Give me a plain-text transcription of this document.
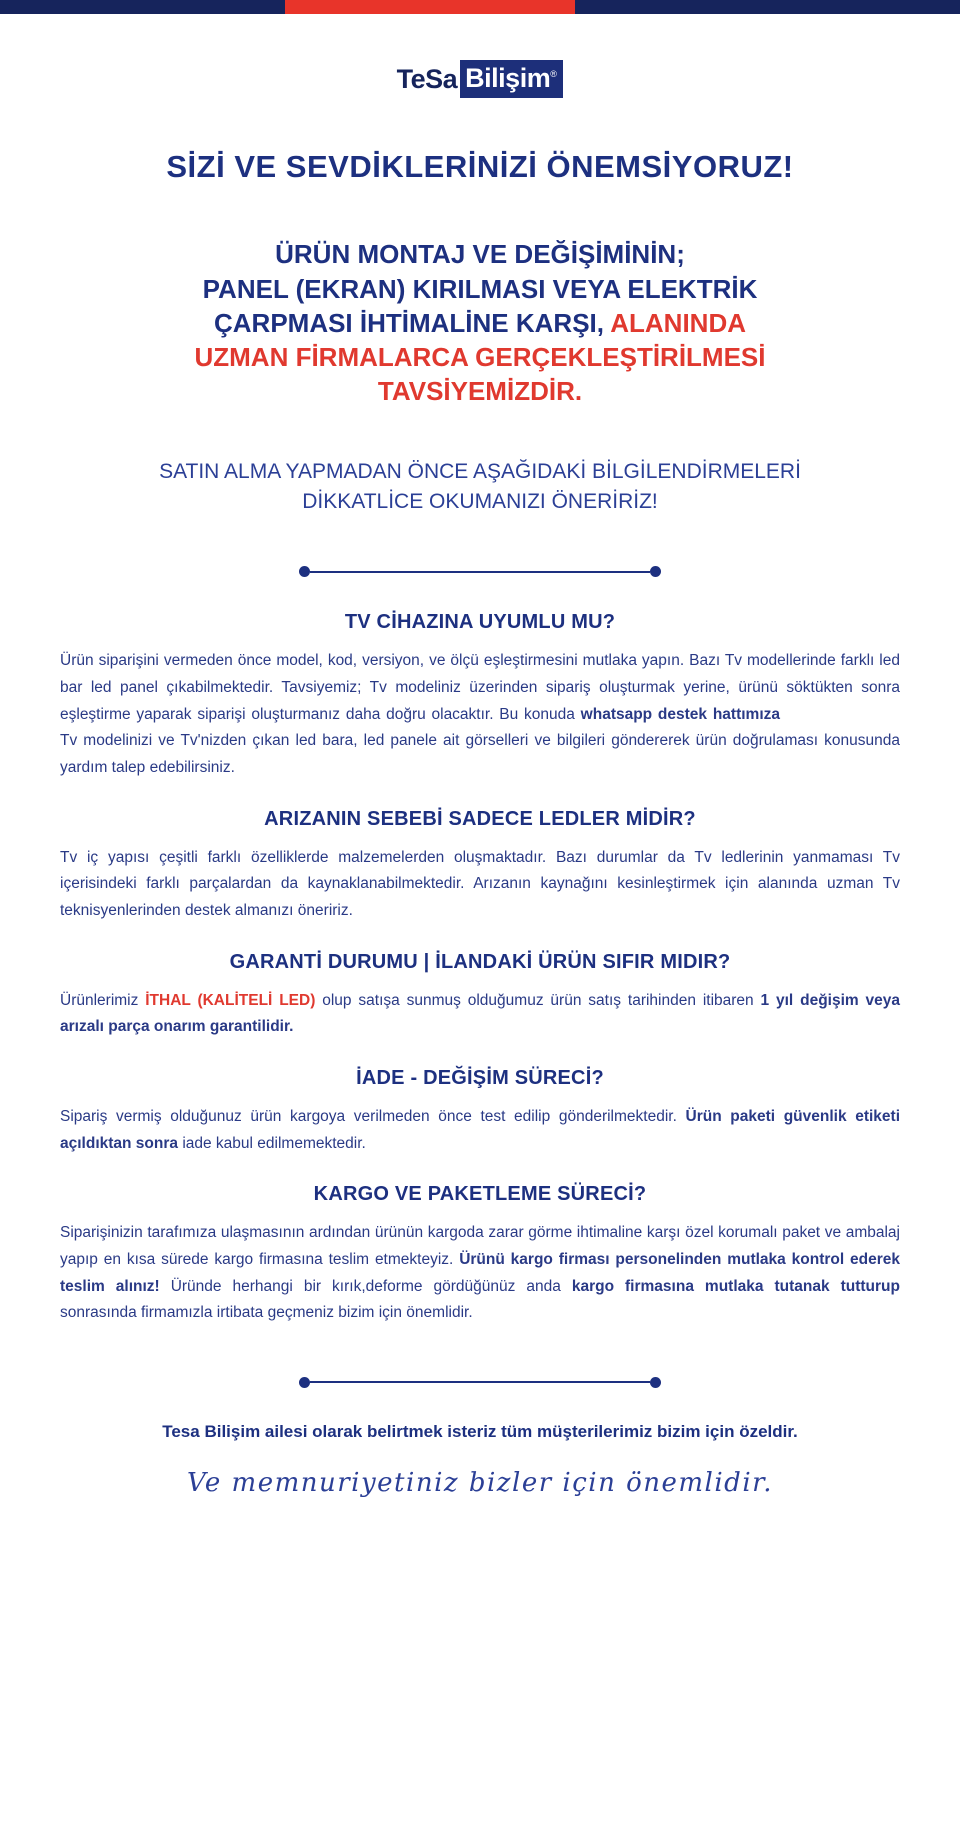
TeSa Bilişim®
SİZİ VE SEVDİKLERİNİZİ ÖNEMSİYORUZ!
ÜRÜN MONTAJ VE DEĞİŞİMİNİN;
PANEL (EKRAN) KIRILMASI VEYA ELEKTRİK
ÇARPMASI İHTİMALİNE KARŞI, ALANINDA
UZMAN FİRMALARCA GERÇEKLEŞTİRİLMESİ
TAVSİYEMİZDİR.
SATIN ALMA YAPMADAN ÖNCE AŞAĞIDAKİ BİLGİLENDİRMELERİ DİKKATLİCE OKUMANIZI ÖNERİRİZ!
TV CİHAZINA UYUMLU MU?

Ürün siparişini vermeden önce model, kod, versiyon, ve ölçü eşleştirmesini mutlaka yapın. Bazı Tv modellerinde farklı led bar led panel çıkabilmektedir. Tavsiyemiz; Tv modeliniz üzerinden sipariş oluşturmak yerine, ürünü söktükten sonra eşleştirme yaparak siparişi oluşturmanız daha doğru olacaktır. Bu konuda whatsapp destek hattımızaTv modelinizi ve Tv'nizden çıkan led bara, led panele ait görselleri ve bilgileri göndererek ürün doğrulaması konusunda yardım talep edebilirsiniz.

ARIZANIN SEBEBİ SADECE LEDLER MİDİR?

Tv iç yapısı çeşitli farklı özelliklerde malzemelerden oluşmaktadır. Bazı durumlar da Tv ledlerinin yanmaması Tv içerisindeki farklı parçalardan da kaynaklanabilmektedir. Arızanın kaynağını kesinleştirmek için alanında uzman Tv teknisyenlerinden destek almanızı öneririz.

GARANTİ DURUMU | İLANDAKİ ÜRÜN SIFIR MIDIR?

Ürünlerimiz İTHAL (KALİTELİ LED) olup satışa sunmuş olduğumuz ürün satış tarihinden itibaren 1 yıl değişim veya arızalı parça onarım garantilidir.

İADE - DEĞİŞİM SÜRECİ?

Sipariş vermiş olduğunuz ürün kargoya verilmeden önce test edilip gönderilmektedir. Ürün paketi güvenlik etiketi açıldıktan sonra iade kabul edilmemektedir.

KARGO VE PAKETLEME SÜRECİ?

Siparişinizin tarafımıza ulaşmasının ardından ürünün kargoda zarar görme ihtimaline karşı özel korumalı paket ve ambalaj yapıp en kısa sürede kargo firmasına teslim etmekteyiz. Ürünü kargo firması personelinden mutlaka kontrol ederek teslim alınız! Üründe herhangi bir kırık,deforme gördüğünüz anda kargo firmasına mutlaka tutanak tutturup sonrasında firmamızla irtibata geçmeniz bizim için önemlidir.

Tesa Bilişim ailesi olarak belirtmek isteriz tüm müşterilerimiz bizim için özeldir.
Ve memnuriyetiniz bizler için önemlidir.
